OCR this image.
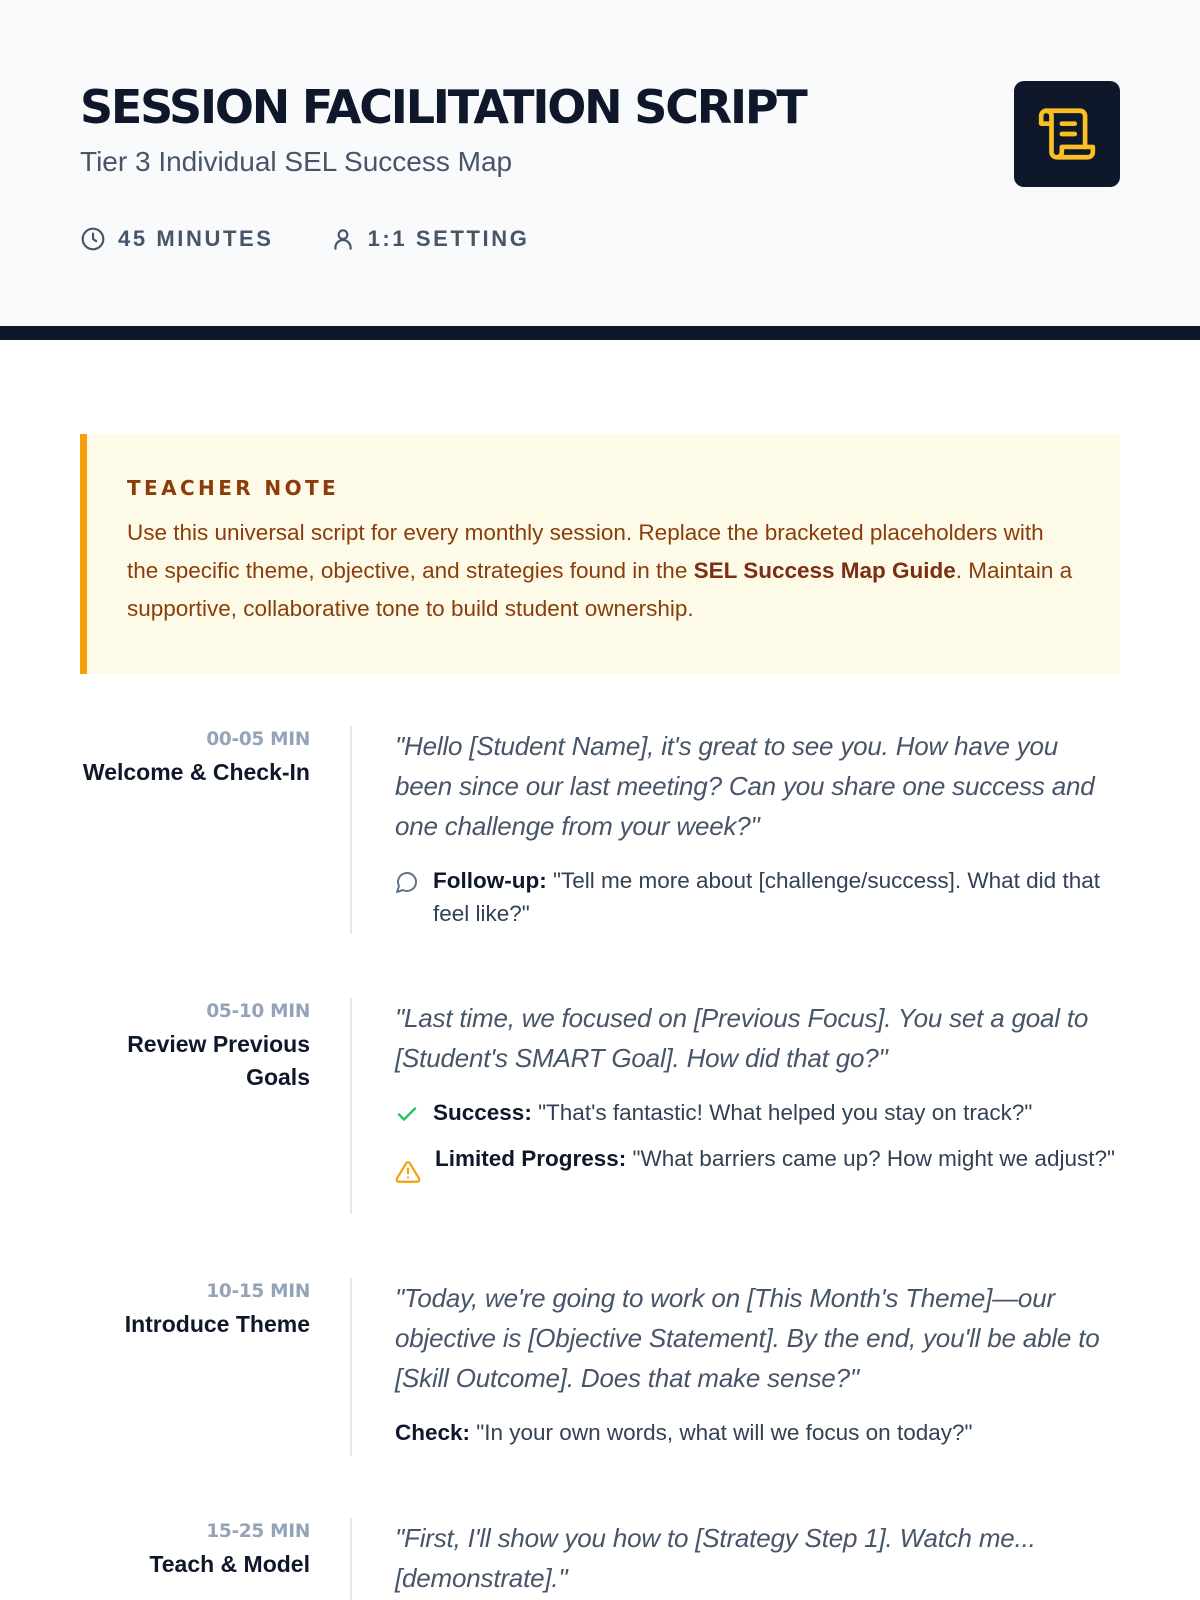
SESSION FACILITATION SCRIPT
Tier 3 Individual SEL Success Map
45 MINUTES	1:1 SETTING
TEACHER NOTE
Use this universal script for every monthly session. Replace the bracketed placeholders with the specific theme, objective, and strategies found in the SEL Success Map Guide. Maintain a supportive, collaborative tone to build student ownership.
00-05 MIN
Welcome & Check-In
"Hello [Student Name], it's great to see you. How have you been since our last meeting? Can you share one success and one challenge from your week?"
Follow-up: "Tell me more about [challenge/success]. What did that feel like?"
05-10 MIN
Review Previous Goals
"Last time, we focused on [Previous Focus]. You set a goal to [Student's SMART Goal]. How did that go?"
Success: "That's fantastic! What helped you stay on track?"
Limited Progress: "What barriers came up? How might we adjust?"
10-15 MIN
Introduce Theme
"Today, we're going to work on [This Month's Theme]—our objective is [Objective Statement]. By the end, you'll be able to [Skill Outcome]. Does that make sense?"
Check: "In your own words, what will we focus on today?"
15-25 MIN
Teach & Model
"First, I'll show you how to [Strategy Step 1]. Watch me... [demonstrate]."
